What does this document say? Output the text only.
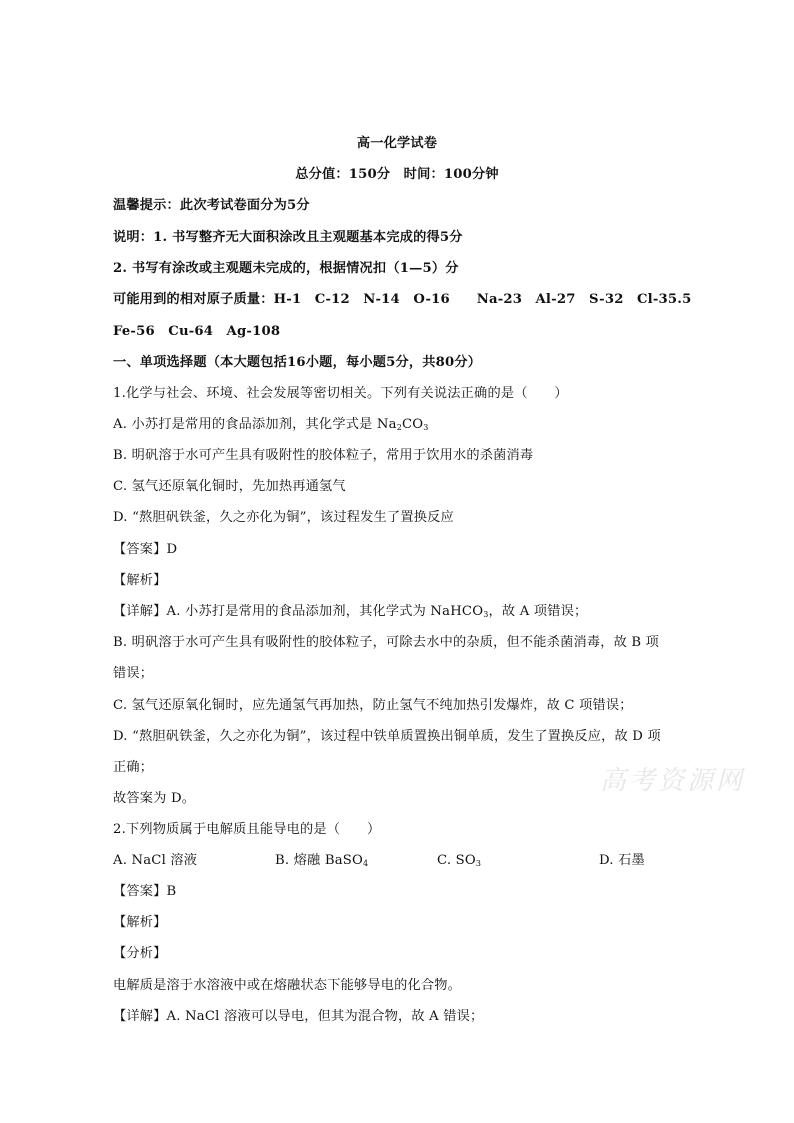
高考资源网
高一化学试卷
总分值：150分　时间：100分钟
温馨提示：此次考试卷面分为5分
说明：1. 书写整齐无大面积涂改且主观题基本完成的得5分
2. 书写有涂改或主观题未完成的，根据情况扣（1—5）分
可能用到的相对原子质量：H-1　C-12　N-14　O-16　　Na-23　Al-27　S-32　Cl-35.5
Fe-56　Cu-64　Ag-108
一、单项选择题（本大题包括16小题，每小题5分，共80分）
1.化学与社会、环境、社会发展等密切相关。下列有关说法正确的是（　　）
A. 小苏打是常用的食品添加剂，其化学式是 $Na_2CO_3$
B. 明矾溶于水可产生具有吸附性的胶体粒子，常用于饮用水的杀菌消毒
C. 氢气还原氧化铜时，先加热再通氢气
D. “熬胆矾铁釜，久之亦化为铜”，该过程发生了置换反应
【答案】D
【解析】
【详解】A. 小苏打是常用的食品添加剂，其化学式为 NaHCO$_3$，故 A 项错误；
B. 明矾溶于水可产生具有吸附性的胶体粒子，可除去水中的杂质，但不能杀菌消毒，故 B 项
错误；
C. 氢气还原氧化铜时，应先通氢气再加热，防止氢气不纯加热引发爆炸，故 C 项错误；
D. “熬胆矾铁釜，久之亦化为铜”，该过程中铁单质置换出铜单质，发生了置换反应，故 D 项
正确；
故答案为 D。
2.下列物质属于电解质且能导电的是（　　）
A. NaCl 溶液	B. 熔融 BaSO$_4$	C. $SO_3$	D. 石墨
【答案】B
【解析】
【分析】
电解质是溶于水溶液中或在熔融状态下能够导电的化合物。
【详解】A. NaCl 溶液可以导电，但其为混合物，故 A 错误；
